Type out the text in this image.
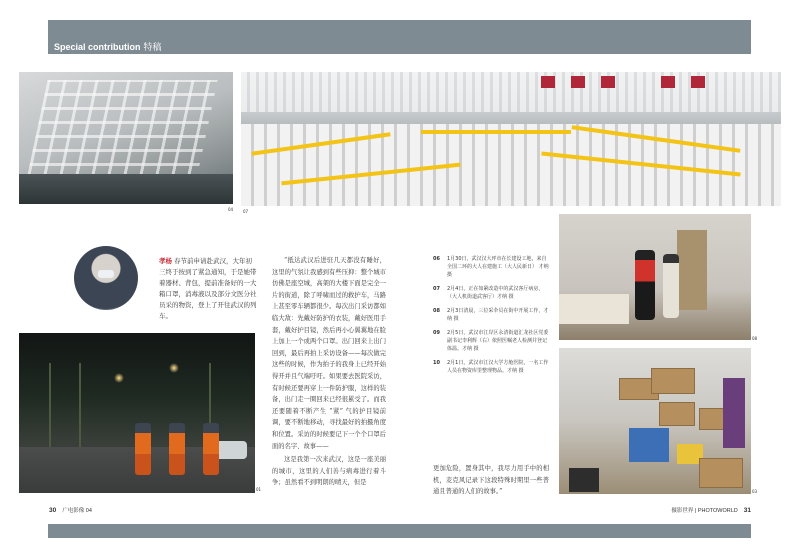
Special contribution 特稿
04 07
孝杨 春节前申请赴武汉，大年初三终于按到了紧急通知，于是她带着器材、背包，提前准备好的一大箱口罩，消毒液以及部分文医分社员采的物资，登上了开往武汉的列车。
01

“抵达武汉后进驻几天都没有睡好，这里的气氛让我感到有些压抑：整个城市仿佛是座空城，高架的大楼下面是完全一片的街道，除了呼啸而过的救护车，马路上甚至零车辆都很少。每次出门采访都如临大敌：先戴好防护的衣装，戴好医用手套，戴好护目镜，然后再小心翼翼地在脸上加上一个或两个口罩。出门回来上出门回到，最后再拍上采访设备——每次做完这些的时候，作为拍子的我身上已经开始得开并且气端吁吁。如果要去医院采访，有时候还要再穿上一件防护服，这样的装备，出门走一圈回来已经很累受了。而我还要随着不断产生 “紧” 气的护目镜前调，要不断地移动，寻找最好的拍摄角度和位置。采访的时候要记下一个个口罩后面的名字、故事——

这是我第一次来武汉，这是一座美丽的城市，这里的人们善与病毒进行着斗争；虽然看不到明朗的晴天，但是

06	1月30日，武汉汉大坪市在长建设工地，来自全国二环的大人在建施工（大人民新日） 才纳 摄
07	2月4日，正在如紧改造中的武汉客厅病房，（大人机街道武客厅）才纳 摄
08	2月3日清晨，三位采伞员在街中开展工作，才纳 摄
09	2月5日，武汉市江岸区永清街道汇龙社区党委副书记李利辉（右）依照医嘱老人检测并登记体温。才纳 摄
10	2月1日，武汉市江汉大学方舱医院，一名工作人员在物资库里整理物品。才纳 摄

更加危险，置身其中，我尽力用手中的相机，麦克风记录下这段特殊时期里一些普通且普通的人们的故事。”

08
03
30 广电影像 04	摄影世界 | PHOTOWORLD 31
